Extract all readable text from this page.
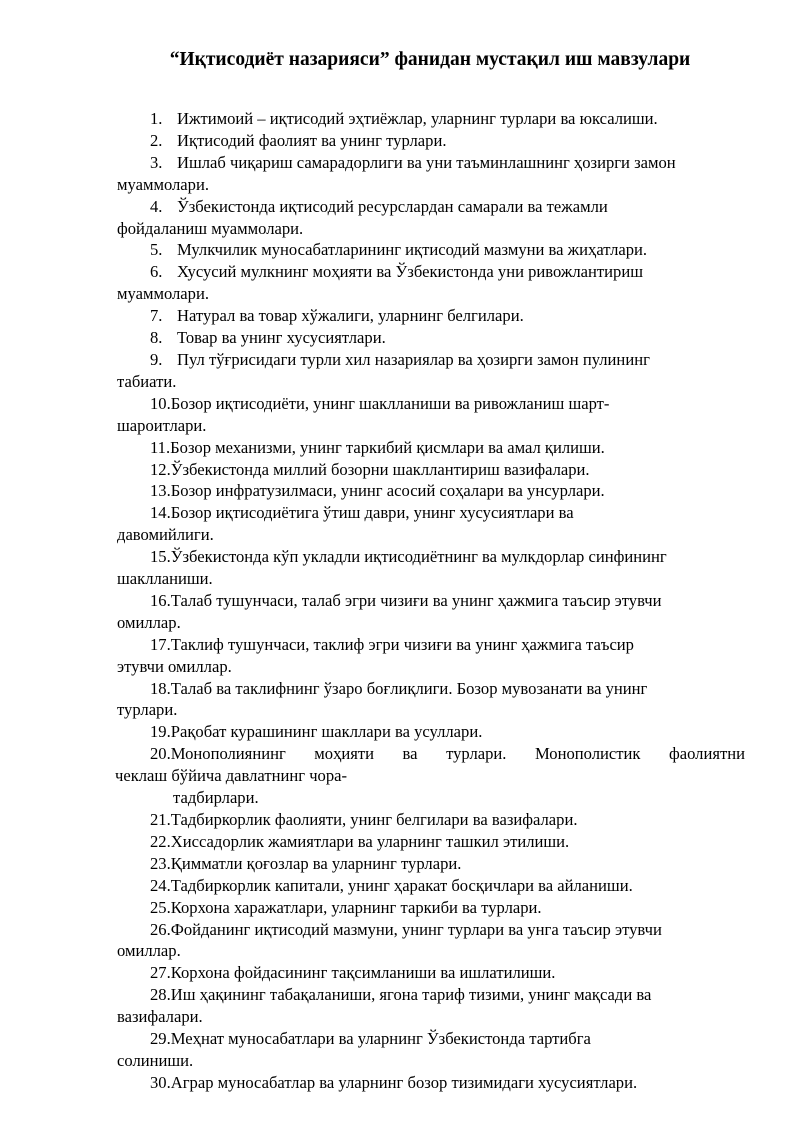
“Иқтисодиёт назарияси” фанидан мустақил иш мавзулари
1. Ижтимоий – иқтисодий эҳтиёжлар, уларнинг турлари ва юксалиши.
2. Иқтисодий фаолият ва унинг турлари.
3. Ишлаб чиқариш самарадорлиги ва уни таъминлашнинг ҳозирги замон
муаммолари.
4. Ўзбекистонда иқтисодий ресурслардан самарали ва тежамли
фойдаланиш муаммолари.
5. Мулкчилик муносабатларининг иқтисодий мазмуни ва жиҳатлари.
6. Хусусий мулкнинг моҳияти ва Ўзбекистонда уни ривожлантириш
муаммолари.
7. Натурал ва товар хўжалиги, уларнинг белгилари.
8. Товар ва унинг хусусиятлари.
9. Пул тўғрисидаги турли хил назариялар ва ҳозирги замон пулининг
табиати.
10.Бозор иқтисодиёти, унинг шаклланиши ва ривожланиш шарт-
шароитлари.
11.Бозор механизми, унинг таркибий қисмлари ва амал қилиши.
12.Ўзбекистонда миллий бозорни шакллантириш вазифалари.
13.Бозор инфратузилмаси, унинг асосий соҳалари ва унсурлари.
14.Бозор иқтисодиётига ўтиш даври, унинг хусусиятлари ва
давомийлиги.
15.Ўзбекистонда кўп укладли иқтисодиётнинг ва мулкдорлар синфининг
шаклланиши.
16.Талаб тушунчаси, талаб эгри чизиғи ва унинг ҳажмига таъсир этувчи
омиллар.
17.Таклиф тушунчаси, таклиф эгри чизиғи ва унинг ҳажмига таъсир
этувчи омиллар.
18.Талаб ва таклифнинг ўзаро боғлиқлиги. Бозор мувозанати ва унинг
турлари.
19.Рақобат курашининг шакллари ва усуллари.
20.Монополиянинг моҳияти ва турлари. Монополистик фаолиятни
чеклаш бўйича давлатнинг чора-
тадбирлари.
21.Тадбиркорлик фаолияти, унинг белгилари ва вазифалари.
22.Хиссадорлик жамиятлари ва уларнинг ташкил этилиши.
23.Қимматли қоғозлар ва уларнинг турлари.
24.Тадбиркорлик капитали, унинг ҳаракат босқичлари ва айланиши.
25.Корхона харажатлари, уларнинг таркиби ва турлари.
26.Фойданинг иқтисодий мазмуни, унинг турлари ва унга таъсир этувчи
омиллар.
27.Корхона фойдасининг тақсимланиши ва ишлатилиши.
28.Иш ҳақининг табақаланиши, ягона тариф тизими, унинг мақсади ва
вазифалари.
29.Меҳнат муносабатлари ва уларнинг Ўзбекистонда тартибга
солиниши.
30.Аграр муносабатлар ва уларнинг бозор тизимидаги хусусиятлари.
